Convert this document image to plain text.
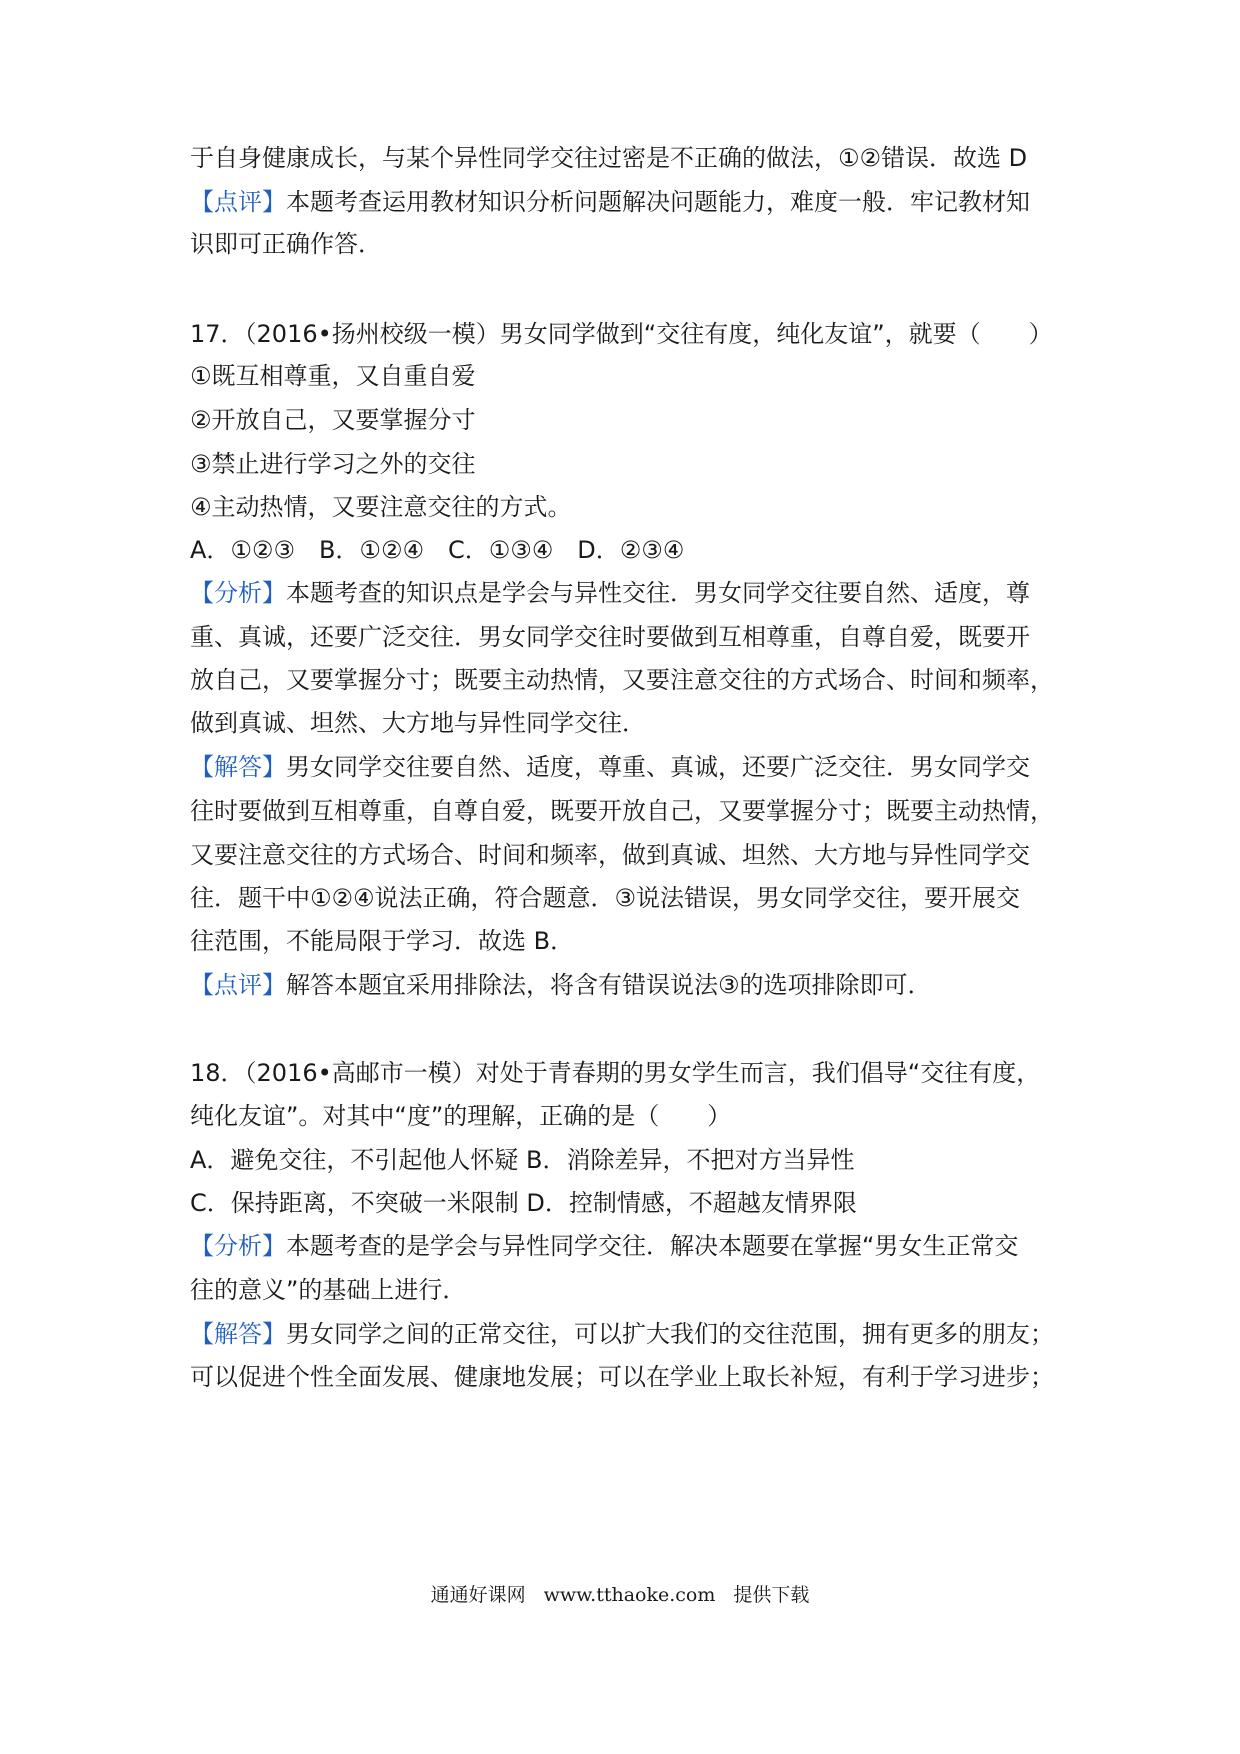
于自身健康成长，与某个异性同学交往过密是不正确的做法，①②错误．故选 D
【点评】本题考查运用教材知识分析问题解决问题能力，难度一般．牢记教材知
识即可正确作答．
17．（2016•扬州校级一模）男女同学做到“交往有度，纯化友谊”，就要（　　）
①既互相尊重，又自重自爱
②开放自己，又要掌握分寸
③禁止进行学习之外的交往
④主动热情，又要注意交往的方式。
A．①②③　B．①②④　C．①③④　D．②③④
【分析】本题考查的知识点是学会与异性交往．男女同学交往要自然、适度，尊
重、真诚，还要广泛交往．男女同学交往时要做到互相尊重，自尊自爱，既要开
放自己，又要掌握分寸；既要主动热情，又要注意交往的方式场合、时间和频率，
做到真诚、坦然、大方地与异性同学交往．
【解答】男女同学交往要自然、适度，尊重、真诚，还要广泛交往．男女同学交
往时要做到互相尊重，自尊自爱，既要开放自己，又要掌握分寸；既要主动热情，
又要注意交往的方式场合、时间和频率，做到真诚、坦然、大方地与异性同学交
往．题干中①②④说法正确，符合题意．③说法错误，男女同学交往，要开展交
往范围，不能局限于学习．故选 B．
【点评】解答本题宜采用排除法，将含有错误说法③的选项排除即可．
18．（2016•高邮市一模）对处于青春期的男女学生而言，我们倡导“交往有度，
纯化友谊”。对其中“度”的理解，正确的是（　　）
A．避免交往，不引起他人怀疑 B．消除差异，不把对方当异性
C．保持距离，不突破一米限制 D．控制情感，不超越友情界限
【分析】本题考查的是学会与异性同学交往．解决本题要在掌握“男女生正常交
往的意义”的基础上进行．
【解答】男女同学之间的正常交往，可以扩大我们的交往范围，拥有更多的朋友；
可以促进个性全面发展、健康地发展；可以在学业上取长补短，有利于学习进步；
通通好课网 www.tthaoke.com 提供下载
